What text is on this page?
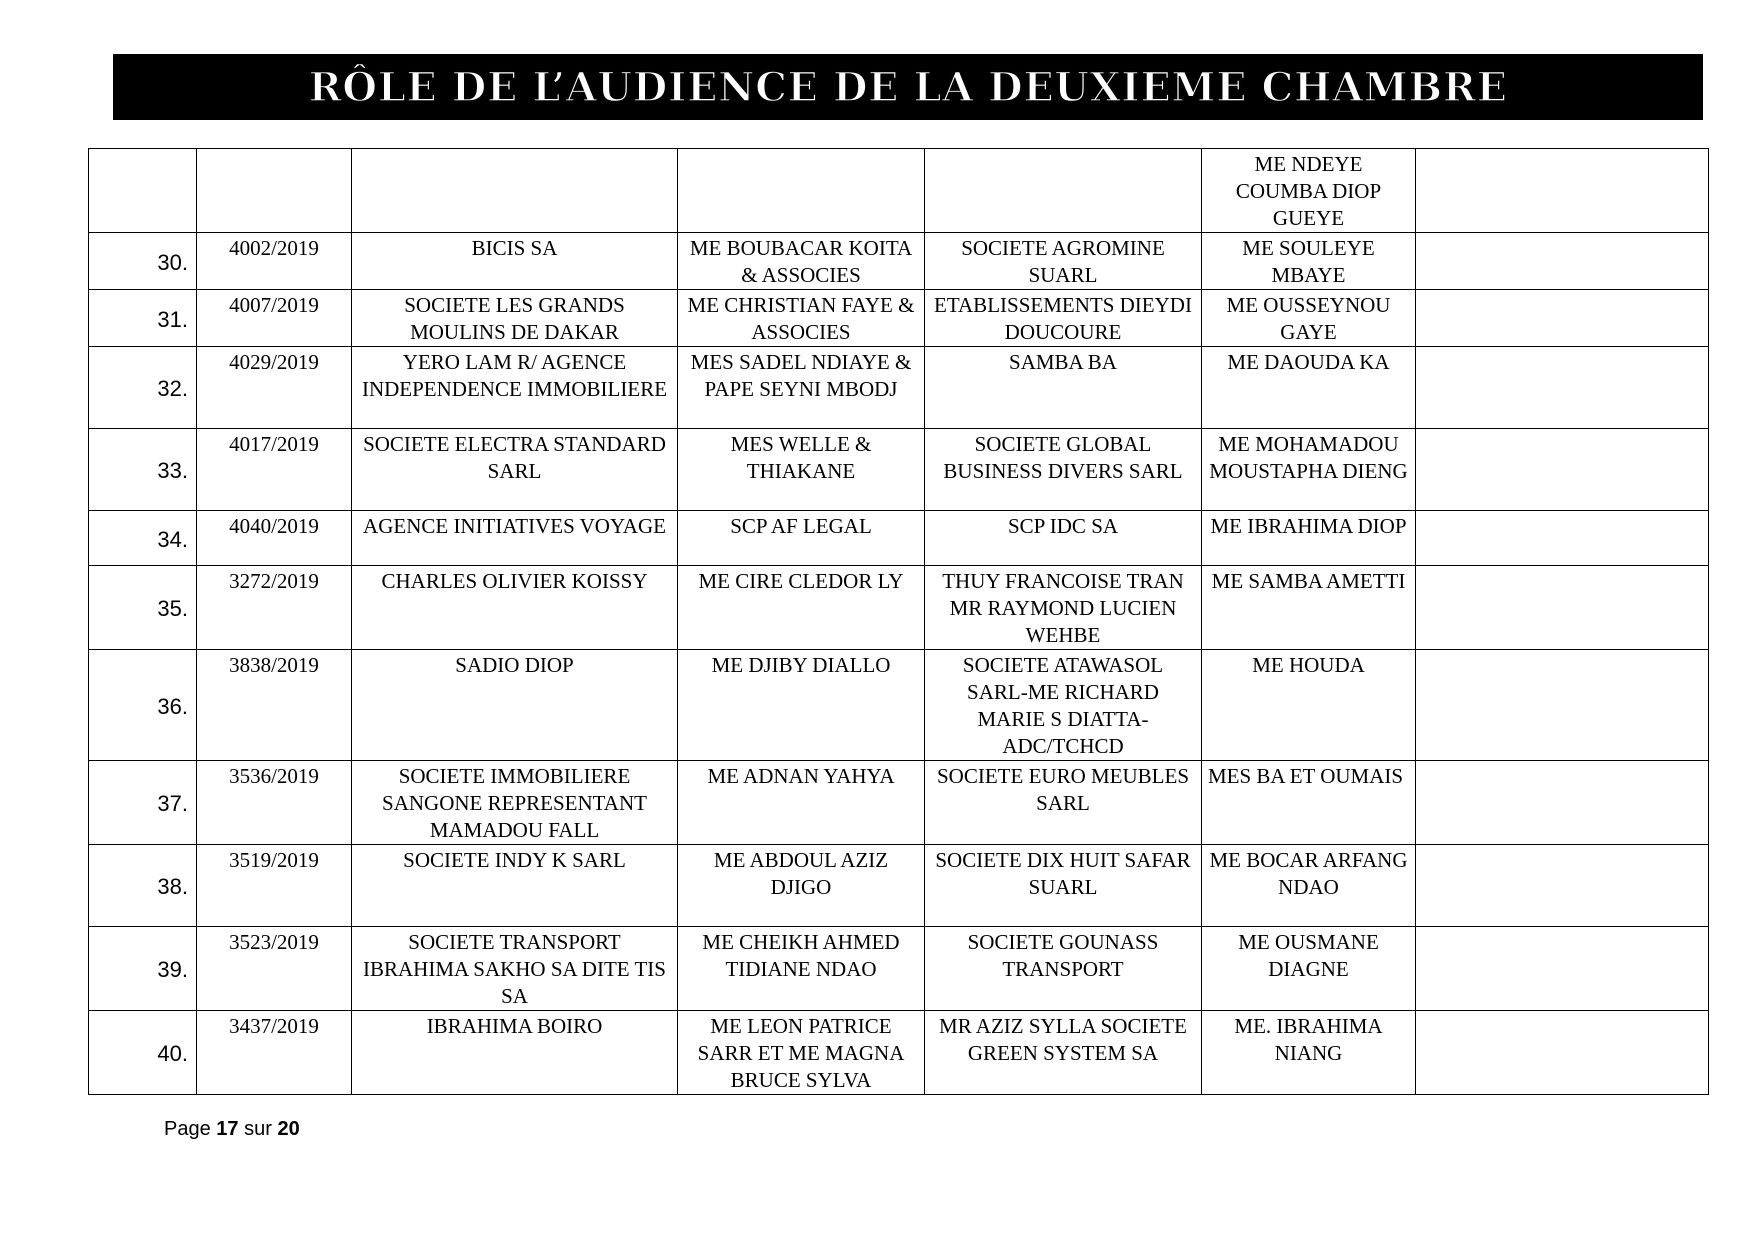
RÔLE DE L’AUDIENCE DE LA DEUXIEME CHAMBRE
					ME NDEYE COUMBA DIOP GUEYE	
30.	4002/2019	BICIS SA	ME BOUBACAR KOITA & ASSOCIES	SOCIETE AGROMINE SUARL	ME SOULEYE MBAYE	
31.	4007/2019	SOCIETE LES GRANDS MOULINS DE DAKAR	ME CHRISTIAN FAYE & ASSOCIES	ETABLISSEMENTS DIEYDI DOUCOURE	ME OUSSEYNOU GAYE	
32.	4029/2019	YERO LAM R/ AGENCE INDEPENDENCE IMMOBILIERE	MES SADEL NDIAYE & PAPE SEYNI MBODJ	SAMBA BA	ME DAOUDA KA	
33.	4017/2019	SOCIETE ELECTRA STANDARD SARL	MES WELLE & THIAKANE	SOCIETE GLOBAL BUSINESS DIVERS SARL	ME MOHAMADOU MOUSTAPHA DIENG	
34.	4040/2019	AGENCE INITIATIVES VOYAGE	SCP AF LEGAL	SCP IDC SA	ME IBRAHIMA DIOP	
35.	3272/2019	CHARLES OLIVIER KOISSY	ME CIRE CLEDOR LY	THUY FRANCOISE TRAN MR RAYMOND LUCIEN WEHBE	ME SAMBA AMETTI	
36.	3838/2019	SADIO DIOP	ME DJIBY DIALLO	SOCIETE ATAWASOL SARL-ME RICHARD MARIE S DIATTA-ADC/TCHCD	ME HOUDA	
37.	3536/2019	SOCIETE IMMOBILIERE SANGONE REPRESENTANT MAMADOU FALL	ME ADNAN YAHYA	SOCIETE EURO MEUBLES SARL	MES BA ET OUMAIS	
38.	3519/2019	SOCIETE INDY K SARL	ME ABDOUL AZIZ DJIGO	SOCIETE DIX HUIT SAFAR SUARL	ME BOCAR ARFANG NDAO	
39.	3523/2019	SOCIETE TRANSPORT IBRAHIMA SAKHO SA DITE TIS SA	ME CHEIKH AHMED TIDIANE NDAO	SOCIETE GOUNASS TRANSPORT	ME OUSMANE DIAGNE	
40.	3437/2019	IBRAHIMA BOIRO	ME LEON PATRICE SARR ET ME MAGNA BRUCE SYLVA	MR AZIZ SYLLA SOCIETE GREEN SYSTEM SA	ME. IBRAHIMA NIANG	
Page 17 sur 20
